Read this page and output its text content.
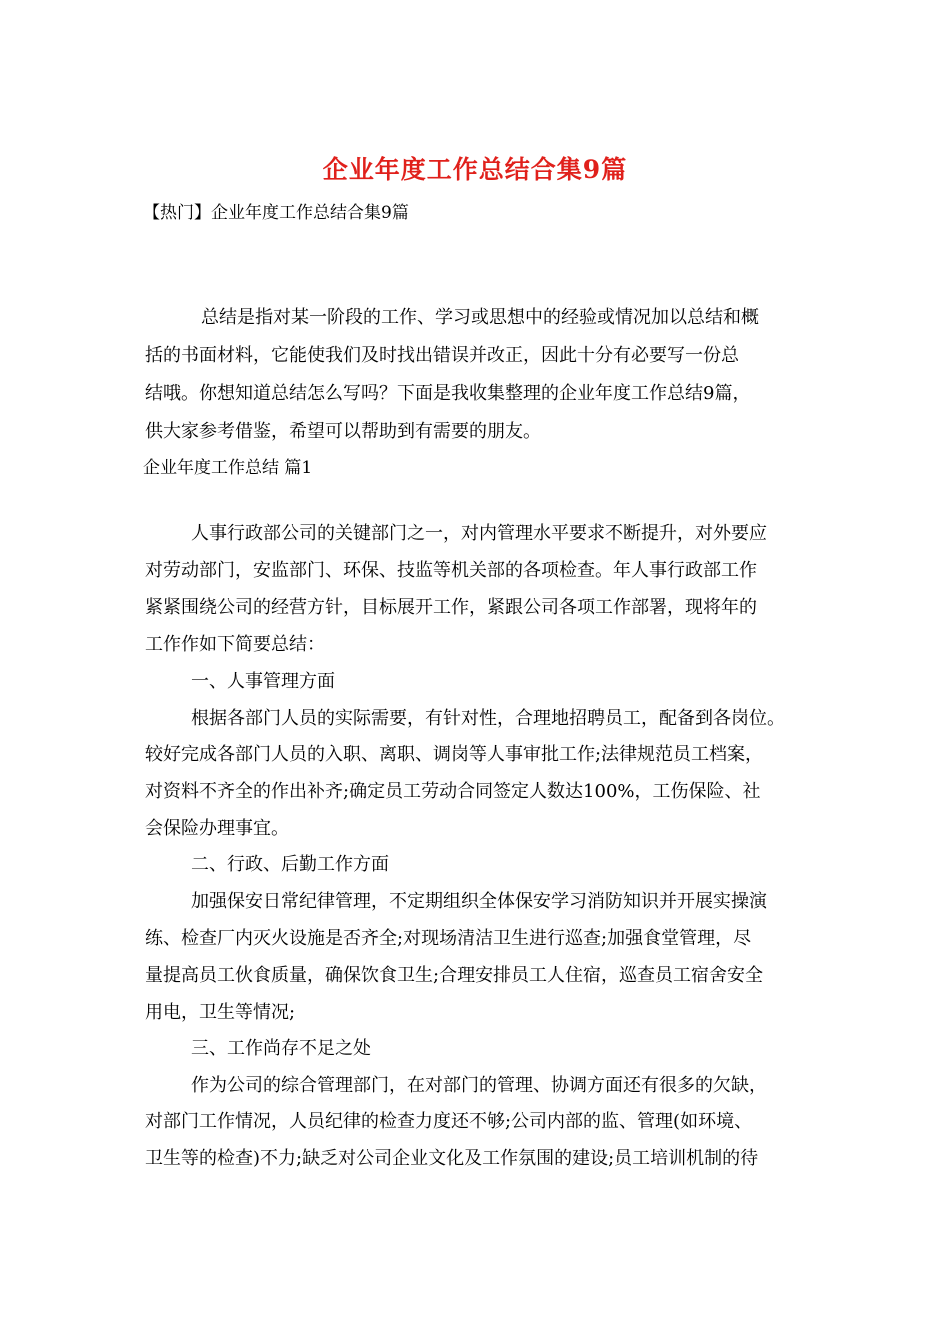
企业年度工作总结合集9篇

【热门】企业年度工作总结合集9篇

总结是指对某一阶段的工作、学习或思想中的经验或情况加以总结和概

括的书面材料，它能使我们及时找出错误并改正，因此十分有必要写一份总

结哦。你想知道总结怎么写吗？下面是我收集整理的企业年度工作总结9篇，

供大家参考借鉴，希望可以帮助到有需要的朋友。

企业年度工作总结 篇1

人事行政部公司的关键部门之一，对内管理水平要求不断提升，对外要应

对劳动部门，安监部门、环保、技监等机关部的各项检查。年人事行政部工作

紧紧围绕公司的经营方针，目标展开工作，紧跟公司各项工作部署，现将年的

工作作如下简要总结：

一、人事管理方面

根据各部门人员的实际需要，有针对性，合理地招聘员工，配备到各岗位。

较好完成各部门人员的入职、离职、调岗等人事审批工作;法律规范员工档案，

对资料不齐全的作出补齐;确定员工劳动合同签定人数达100%，工伤保险、社

会保险办理事宜。

二、行政、后勤工作方面

加强保安日常纪律管理，不定期组织全体保安学习消防知识并开展实操演

练、检查厂内灭火设施是否齐全;对现场清洁卫生进行巡查;加强食堂管理，尽

量提高员工伙食质量，确保饮食卫生;合理安排员工人住宿，巡查员工宿舍安全

用电，卫生等情况;

三、工作尚存不足之处

作为公司的综合管理部门，在对部门的管理、协调方面还有很多的欠缺，

对部门工作情况，人员纪律的检查力度还不够;公司内部的监、管理(如环境、

卫生等的检查)不力;缺乏对公司企业文化及工作氛围的建设;员工培训机制的待
